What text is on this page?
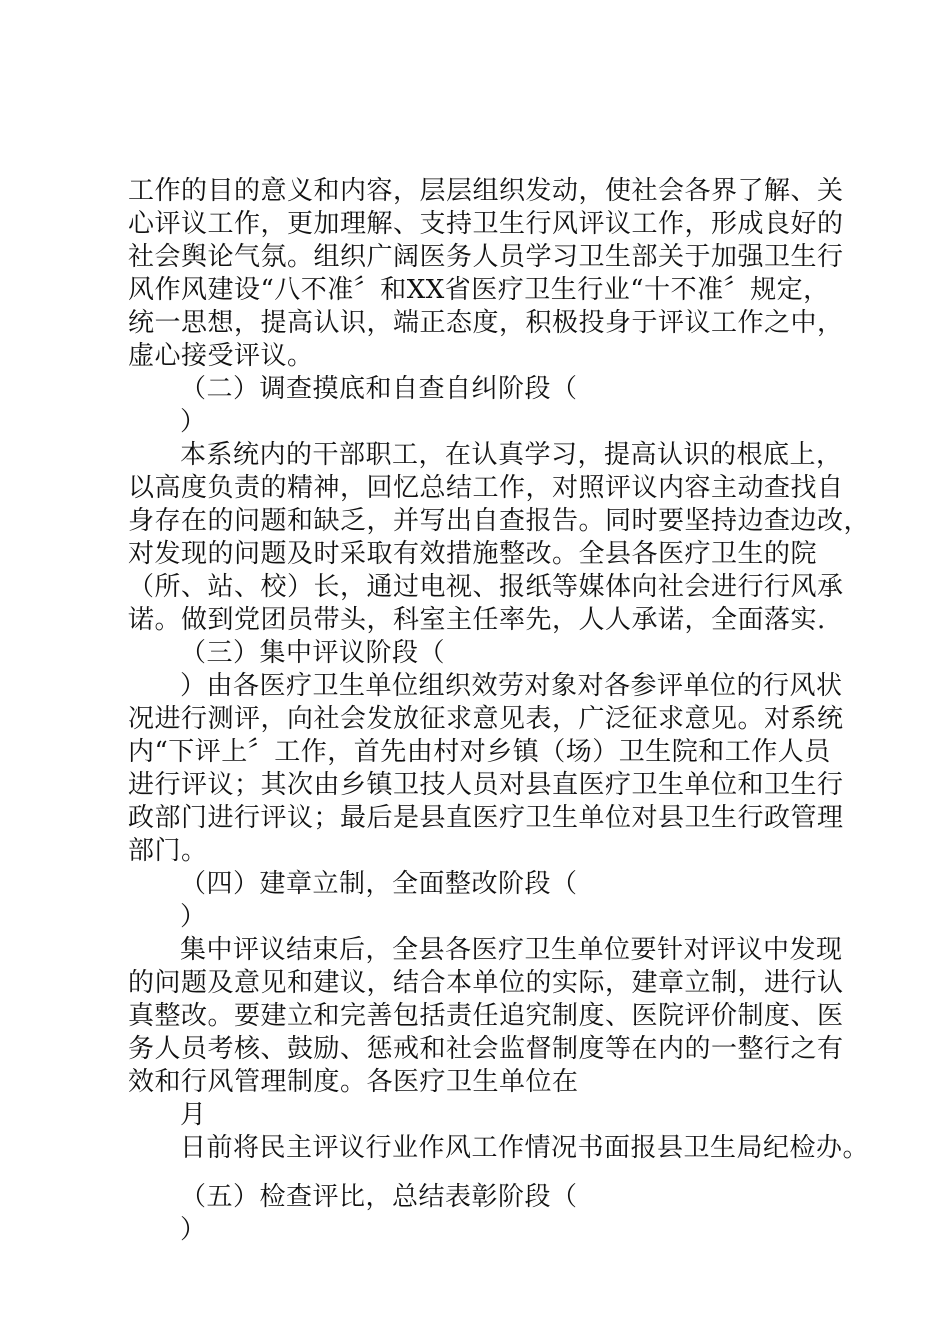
工作的目的意义和内容，层层组织发动，使社会各界了解、关
心评议工作，更加理解、支持卫生行风评议工作，形成良好的
社会舆论气氛。组织广阔医务人员学习卫生部关于加强卫生行
风作风建设“八不准〞和XX省医疗卫生行业“十不准〞规定，
统一思想，提高认识，端正态度，积极投身于评议工作之中，
虚心接受评议。
（二）调查摸底和自查自纠阶段（
）
本系统内的干部职工，在认真学习，提高认识的根底上，
以高度负责的精神，回忆总结工作，对照评议内容主动查找自
身存在的问题和缺乏，并写出自查报告。同时要坚持边查边改，
对发现的问题及时采取有效措施整改。全县各医疗卫生的院
（所、站、校）长，通过电视、报纸等媒体向社会进行行风承
诺。做到党团员带头，科室主任率先，人人承诺，全面落实.
（三）集中评议阶段（
）由各医疗卫生单位组织效劳对象对各参评单位的行风状
况进行测评，向社会发放征求意见表，广泛征求意见。对系统
内“下评上〞工作，首先由村对乡镇（场）卫生院和工作人员
进行评议；其次由乡镇卫技人员对县直医疗卫生单位和卫生行
政部门进行评议；最后是县直医疗卫生单位对县卫生行政管理
部门。
（四）建章立制，全面整改阶段（
）
集中评议结束后，全县各医疗卫生单位要针对评议中发现
的问题及意见和建议，结合本单位的实际，建章立制，进行认
真整改。要建立和完善包括责任追究制度、医院评价制度、医
务人员考核、鼓励、惩戒和社会监督制度等在内的一整行之有
效和行风管理制度。各医疗卫生单位在
月
日前将民主评议行业作风工作情况书面报县卫生局纪检办。
（五）检查评比，总结表彰阶段（
）
